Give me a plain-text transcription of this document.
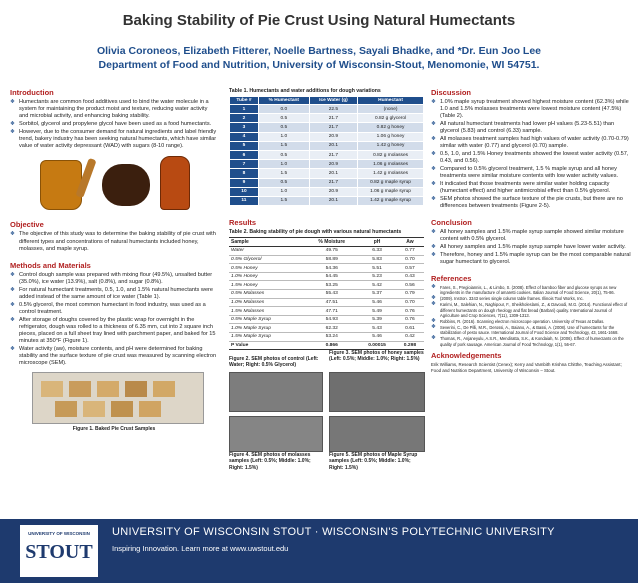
Baking Stability of Pie Crust Using Natural Humectants
Olivia Coroneos, Elizabeth Fitterer, Noelle Bartness, Sayali Bhadke, and *Dr. Eun Joo Lee
Department of Food and Nutrition, University of Wisconsin-Stout, Menomonie, WI 54751.
Introduction
❖ Humectants are common food additives used to bind the water molecule in a system for maintaining the product moist and texture, reducing water activity and microbial activity, and enhancing baking stability.
❖ Sorbitol, glycerol and propylene glycol have been used as a food humectants.
❖ However, due to the consumer demand for natural ingredients and label friendly trend, bakery industry has been seeking natural humectants, which have similar value of water activity depressant (WAD) with sugars (8-10 range).
Objective
❖ The objective of this study was to determine the baking stability of pie crust with different types and concentrations of natural humectants included honey, molasses, and maple syrup.
Methods and Materials
❖ Control dough sample was prepared with mixing flour (49.5%), unsalted butter (35.0%), ice water (13.9%), salt (0.8%), and sugar (0.8%).
❖ For natural humectant treatments, 0.5, 1.0, and 1.5% natural humectants were added instead of the same amount of ice water (Table 1).
❖ 0.5% glycerol, the most common humectant in food industry, was used as a control treatment.
❖ After storage of doughs covered by the plastic wrap for overnight in the refrigerator, dough was rolled to a thickness of 6.35 mm, cut into 2 square inch pieces, placed on a full sheet tray lined with parchment paper, and baked for 15 minutes at 350°F (Figure 1).
❖ Water activity (aw), moisture contents, and pH were determined for baking stability and the surface texture of pie crust was measured by scanning electron microscope (SEM).
Figure 1. Baked Pie Crust Samples
Table 1. Humectants and water additions for dough variations
Tube #	% Humectant	Ice Water (g)	Humectant
1	0.0	22.5	(none)
2	0.5	21.7	0.82 g glycerol
3	0.5	21.7	0.82 g honey
4	1.0	20.9	1.06 g honey
5	1.5	20.1	1.42 g honey
6	0.5	21.7	0.82 g molasses
7	1.0	20.9	1.06 g molasses
8	1.5	20.1	1.42 g molasses
9	0.5	21.7	0.82 g maple syrup
10	1.0	20.9	1.06 g maple syrup
11	1.5	20.1	1.42 g maple syrup
Results
Table 2. Baking stability of pie dough with various natural humectants
Sample	% Moisture	pH	Aw
Water	49.75	6.33	0.77
0.5% Glycerol	58.89	5.83	0.70
0.5% Honey	54.36	5.51	0.57
1.0% Honey	54.45	5.23	0.43
1.5% Honey	53.25	5.42	0.56
0.5% Molasses	55.43	5.37	0.79
1.0% Molasses	47.51	5.46	0.70
1.5% Molasses	47.71	5.49	0.76
0.5% Maple Syrup	54.93	5.39	0.76
1.0% Maple Syrup	62.32	5.43	0.61
1.5% Maple Syrup	53.24	5.46	0.42
P Value	0.866	0.00015	0.298
Figure 2. SEM photos of control (Left: Water; Right: 0.5% Glycerol)
Figure 3. SEM photos of honey samples (Left: 0.5%; Middle: 1.0%; Right: 1.5%)
Figure 4. SEM photos of molasses samples (Left: 0.5%; Middle: 1.0%; Right: 1.5%)
Figure 5. SEM photos of Maple Syrup samples (Left: 0.5%; Middle: 1.0%; Right: 1.5%)
Discussion
❖ 1.0% maple syrup treatment showed highest moisture content (62.3%) while 1.0 and 1.5% molasses treatments were lowest moisture content (47.5%) (Table 2).
❖ All natural humectant treatments had lower pH values (5.23-5.51) than glycerol (5.83) and control (6.33) sample.
❖ All molasses treatment samples had high values of water activity (0.70-0.79) similar with water (0.77) and glycerol (0.70) sample.
❖ 0.5, 1.0, and 1.5% Honey treatments showed the lowest water activity (0.57, 0.43, and 0.56).
❖ Compared to 0.5% glycerol treatment, 1.5 % maple syrup and all honey treatments were similar moisture contents with low water activity values.
❖ It indicated that those treatments were similar water holding capacity (humectant effect) and higher antimicrobial effect than 0.5% glycerol.
❖ SEM photos showed the surface texture of the pie crusts, but there are no differences between treatments (Figure 2-5).
Conclusion
❖ All honey samples and 1.5% maple syrup sample showed similar moisture content with 0.5% glycerol.
❖ All honey samples and 1.5% maple syrup sample have lower water activity.
❖ Therefore, honey and 1.5% maple syrup can be the most comparable natural sugar humectant to glycerol.
References
❖ Fares, S., Pregioiannis, L., & Limbo, S. (2008). Effect of bamboo fiber and glucose syrups as new ingredients in the manufacture of amaretti cookies. Italian Journal of Food Science, 20(1), 75-86.
❖ (2009). Instron. 3343 series single column table frames. Illinois Tool Works, Inc.
❖ Karimi, M., Salehian, N., Naghipour, F., Sheikholeslami, Z., & Davoodi, M.G. (2014). Functional effect of different humectants on dough rheology and flat bread (Barbari) quality. International Journal of Agriculture and Crop Sciences, 7(11), 1309-1313.
❖ Robbins, R. (2016). Scanning electron microscope operation. University of Texas at Dallas.
❖ Severini, C., De Pilli, M.R., Derossi, A., Baiano, A., & Bassi, A. (2008). Use of humectants for the stabilization of pesto sauce. International Journal of Food Science and Technology, 43, 1661-1668.
❖ Thomas, R., Anjaneyulu, A.S.R., Mendiratta, S.K., & Kondaiah, N. (2006). Effect of humectants on the quality of pork sausage. American Journal of Food Technology, 1(1), 56-67.
Acknowledgements
Erik Williams, Research Scientist (Cenex); Kerry and Vambith Krishna Chitthe, Teaching Assistant; Food and Nutrition Department, University of Wisconsin – Stout.
UNIVERSITY OF WISCONSIN
STOUT
UNIVERSITY OF WISCONSIN STOUT · WISCONSIN'S POLYTECHNIC UNIVERSITY
Inspiring Innovation. Learn more at www.uwstout.edu
